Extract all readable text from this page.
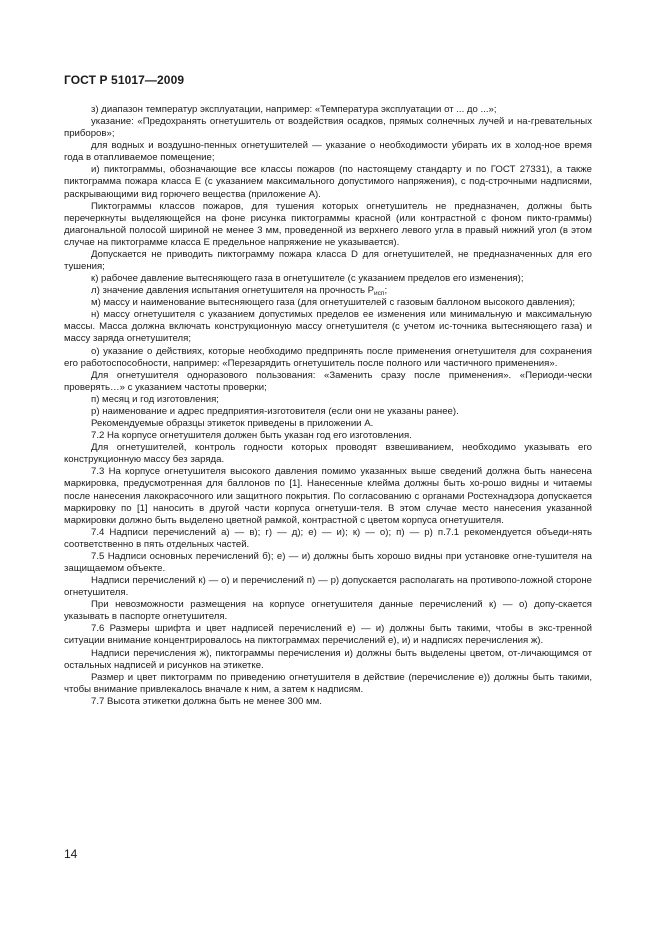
ГОСТ Р 51017—2009

з) диапазон температур эксплуатации, например: «Температура эксплуатации от ... до ...»;

указание: «Предохранять огнетушитель от воздействия осадков, прямых солнечных лучей и на-гревательных приборов»;

для водных и воздушно-пенных огнетушителей — указание о необходимости убирать их в холод-ное время года в отапливаемое помещение;

и) пиктограммы, обозначающие все классы пожаров (по настоящему стандарту и по ГОСТ 27331), а также пиктограмма пожара класса Е (с указанием максимального допустимого напряжения), с под-строчными надписями, раскрывающими вид горючего вещества (приложение А).

Пиктограммы классов пожаров, для тушения которых огнетушитель не предназначен, должны быть перечеркнуты выделяющейся на фоне рисунка пиктограммы красной (или контрастной с фоном пикто-граммы) диагональной полосой шириной не менее 3 мм, проведенной из верхнего левого угла в правый нижний угол (в этом случае на пиктограмме класса Е предельное напряжение не указывается).

Допускается не приводить пиктограмму пожара класса D для огнетушителей, не предназначенных для его тушения;

к) рабочее давление вытесняющего газа в огнетушителе (с указанием пределов его изменения);

л) значение давления испытания огнетушителя на прочность $Р_{исп}$;

м) массу и наименование вытесняющего газа (для огнетушителей с газовым баллоном высокого давления);

н) массу огнетушителя с указанием допустимых пределов ее изменения или минимальную и максимальную массы. Масса должна включать конструкционную массу огнетушителя (с учетом ис-точника вытесняющего газа) и массу заряда огнетушителя;

о) указание о действиях, которые необходимо предпринять после применения огнетушителя для сохранения его работоспособности, например: «Перезарядить огнетушитель после полного или частичного применения».

Для огнетушителя одноразового пользования: «Заменить сразу после применения». «Периоди-чески проверять…» с указанием частоты проверки;

п) месяц и год изготовления;

р) наименование и адрес предприятия-изготовителя (если они не указаны ранее).

Рекомендуемые образцы этикеток приведены в приложении А.

7.2 На корпусе огнетушителя должен быть указан год его изготовления.

Для огнетушителей, контроль годности которых проводят взвешиванием, необходимо указывать его конструкционную массу без заряда.

7.3 На корпусе огнетушителя высокого давления помимо указанных выше сведений должна быть нанесена маркировка, предусмотренная для баллонов по [1]. Нанесенные клейма должны быть хо-рошо видны и читаемы после нанесения лакокрасочного или защитного покрытия. По согласованию с органами Ростехнадзора допускается маркировку по [1] наносить в другой части корпуса огнетуши-теля. В этом случае место нанесения указанной маркировки должно быть выделено цветной рамкой, контрастной с цветом корпуса огнетушителя.

7.4 Надписи перечислений а) — в); г) — д); е) — и); к) — о); п) — р) п.7.1 рекомендуется объеди-нять соответственно в пять отдельных частей.

7.5 Надписи основных перечислений б); е) — и) должны быть хорошо видны при установке огне-тушителя на защищаемом объекте.

Надписи перечислений к) — о) и перечислений п) — р) допускается располагать на противопо-ложной стороне огнетушителя.

При невозможности размещения на корпусе огнетушителя данные перечислений к) — о) допу-скается указывать в паспорте огнетушителя.

7.6 Размеры шрифта и цвет надписей перечислений е) — и) должны быть такими, чтобы в экс-тренной ситуации внимание концентрировалось на пиктограммах перечислений е), и) и надписях перечисления ж).

Надписи перечисления ж), пиктограммы перечисления и) должны быть выделены цветом, от-личающимся от остальных надписей и рисунков на этикетке.

Размер и цвет пиктограмм по приведению огнетушителя в действие (перечисление е)) должны быть такими, чтобы внимание привлекалось вначале к ним, а затем к надписям.

7.7 Высота этикетки должна быть не менее 300 мм.

14
